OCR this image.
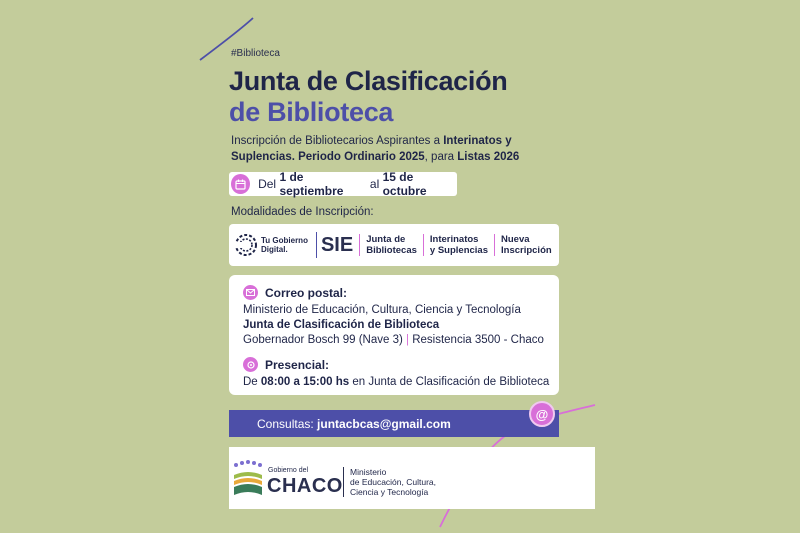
#Biblioteca
Junta de Clasificación
de Biblioteca
Inscripción de Bibliotecarios Aspirantes a Interinatos y Suplencias. Periodo Ordinario 2025, para Listas 2026
Del
1 de septiembre
	al
15 de octubre
Modalidades de Inscripción:
Tu Gobierno
Digital.	SIE Junta de
Bibliotecas
Interinatos
y Suplencias
Nueva
Inscripción
Correo postal:
Ministerio de Educación, Cultura, Ciencia y Tecnología
Junta de Clasificación de Biblioteca
Gobernador Bosch 99 (Nave 3) | Resistencia 3500 - Chaco
Presencial:
De 08:00 a 15:00 hs en Junta de Clasificación de Biblioteca
Consultas: juntacbcas@gmail.com
@
Gobierno del
CHACO
Ministerio
de Educación, Cultura,
Ciencia y Tecnología
